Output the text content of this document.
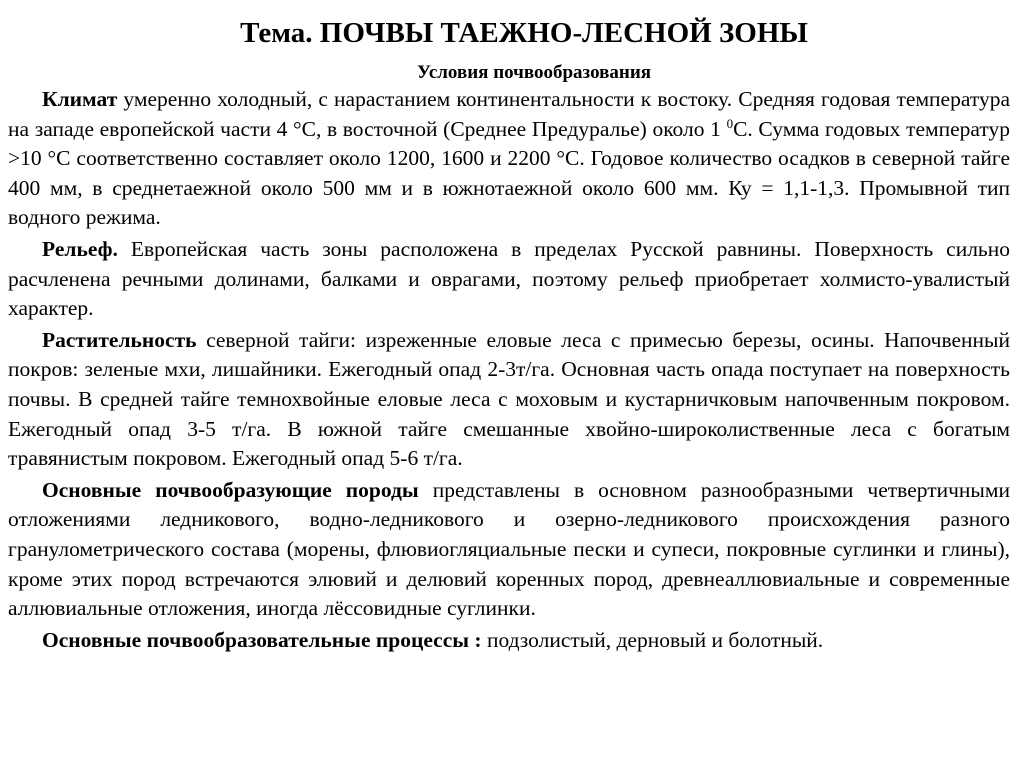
Тема. ПОЧВЫ ТАЕЖНО-ЛЕСНОЙ ЗОНЫ
Условия почвообразования

Климат умеренно холодный, с нарастанием континентальности к востоку. Средняя годовая температура на западе европейской части 4 °С, в восточной (Среднее Предуралье) около 1 $^0$С. Сумма годовых температур >10 °С соответственно составляет около 1200, 1600 и 2200 °С. Годовое количество осадков в северной тайге 400 мм, в среднетаежной около 500 мм и в южнотаежной около 600 мм. Ку = 1,1-1,3. Промывной тип водного режима.

Рельеф. Европейская часть зоны расположена в пределах Русской равнины. Поверхность сильно расчленена речными долинами, балками и оврагами, поэтому рельеф приобретает холмисто-увалистый характер.

Растительность северной тайги: изреженные еловые леса с примесью березы, осины. Напочвенный покров: зеленые мхи, лишайники. Ежегодный опад 2-3т/га. Основная часть опада поступает на поверхность почвы. В средней тайге темнохвойные еловые леса с моховым и кустарничковым напочвенным покровом. Ежегодный опад 3-5 т/га. В южной тайге смешанные хвойно-широколиственные леса с богатым травянистым покровом. Ежегодный опад 5-6 т/га.

Основные почвообразующие породы представлены в основном разнообразными четвертичными отложениями ледникового, водно-ледникового и озерно-ледникового происхождения разного гранулометрического состава (морены, флювиогляциальные пески и супеси, покровные суглинки и глины), кроме этих пород встречаются элювий и делювий коренных пород, древнеаллювиальные и современные аллювиальные отложения, иногда лёссовидные суглинки.

Основные почвообразовательные процессы : подзолистый, дерновый и болотный.
